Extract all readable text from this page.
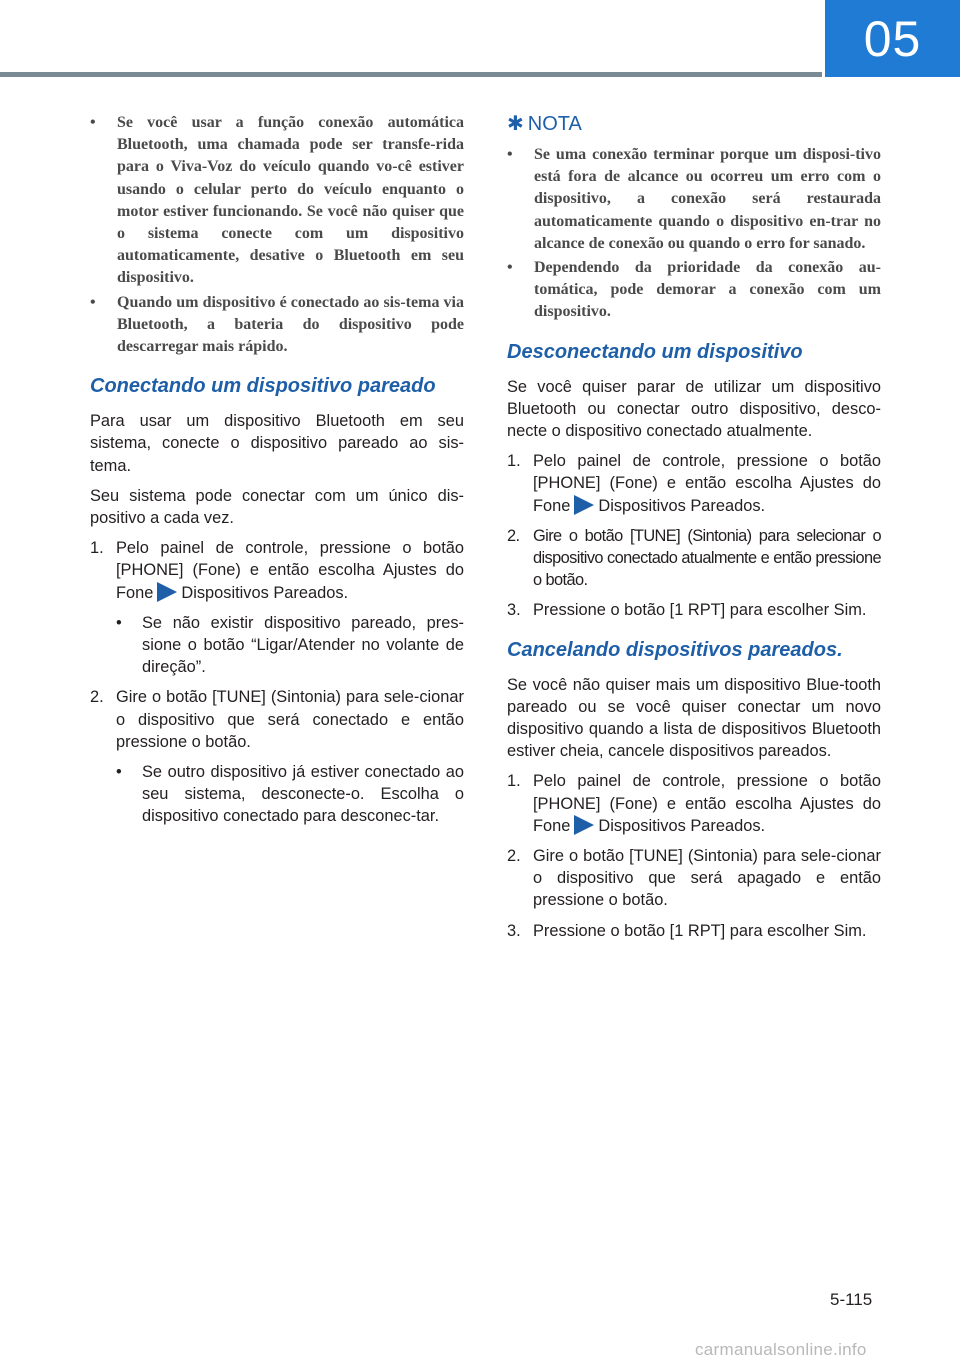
05
• Se você usar a função conexão automática Bluetooth, uma chamada pode ser transfe-rida para o Viva-Voz do veículo quando vo-cê estiver usando o celular perto do veículo enquanto o motor estiver funcionando. Se você não quiser que o sistema conecte com um dispositivo automaticamente, desative o Bluetooth em seu dispositivo.
• Quando um dispositivo é conectado ao sis-tema via Bluetooth, a bateria do dispositivo pode descarregar mais rápido.
Conectando um dispositivo pareado

Para usar um dispositivo Bluetooth em seu sistema, conecte o dispositivo pareado ao sis-tema.

Seu sistema pode conectar com um único dis-positivo a cada vez.

1. Pelo painel de controle, pressione o botão [PHONE] (Fone) e então escolha Ajustes do Fone Dispositivos Pareados.
• Se não existir dispositivo pareado, pres-sione o botão “Ligar/Atender no volante de direção”.
2. Gire o botão [TUNE] (Sintonia) para sele-cionar o dispositivo que será conectado e então pressione o botão.
• Se outro dispositivo já estiver conectado ao seu sistema, desconecte-o. Escolha o dispositivo conectado para desconec-tar.
✱ NOTA
• Se uma conexão terminar porque um disposi-tivo está fora de alcance ou ocorreu um erro com o dispositivo, a conexão será restaurada automaticamente quando o dispositivo en-trar no alcance de conexão ou quando o erro for sanado.
• Dependendo da prioridade da conexão au-tomática, pode demorar a conexão com um dispositivo.
Desconectando um dispositivo

Se você quiser parar de utilizar um dispositivo Bluetooth ou conectar outro dispositivo, desco-necte o dispositivo conectado atualmente.

1. Pelo painel de controle, pressione o botão [PHONE] (Fone) e então escolha Ajustes do Fone Dispositivos Pareados.
2. Gire o botão [TUNE] (Sintonia) para selecionar o dispositivo conectado atualmente e então pressione o botão.
3. Pressione o botão [1 RPT] para escolher Sim.
Cancelando dispositivos pareados.

Se você não quiser mais um dispositivo Blue-tooth pareado ou se você quiser conectar um novo dispositivo quando a lista de dispositivos Bluetooth estiver cheia, cancele dispositivos pareados.

1. Pelo painel de controle, pressione o botão [PHONE] (Fone) e então escolha Ajustes do Fone Dispositivos Pareados.
2. Gire o botão [TUNE] (Sintonia) para sele-cionar o dispositivo que será apagado e então pressione o botão.
3. Pressione o botão [1 RPT] para escolher Sim.
5-115
carmanualsonline.info
